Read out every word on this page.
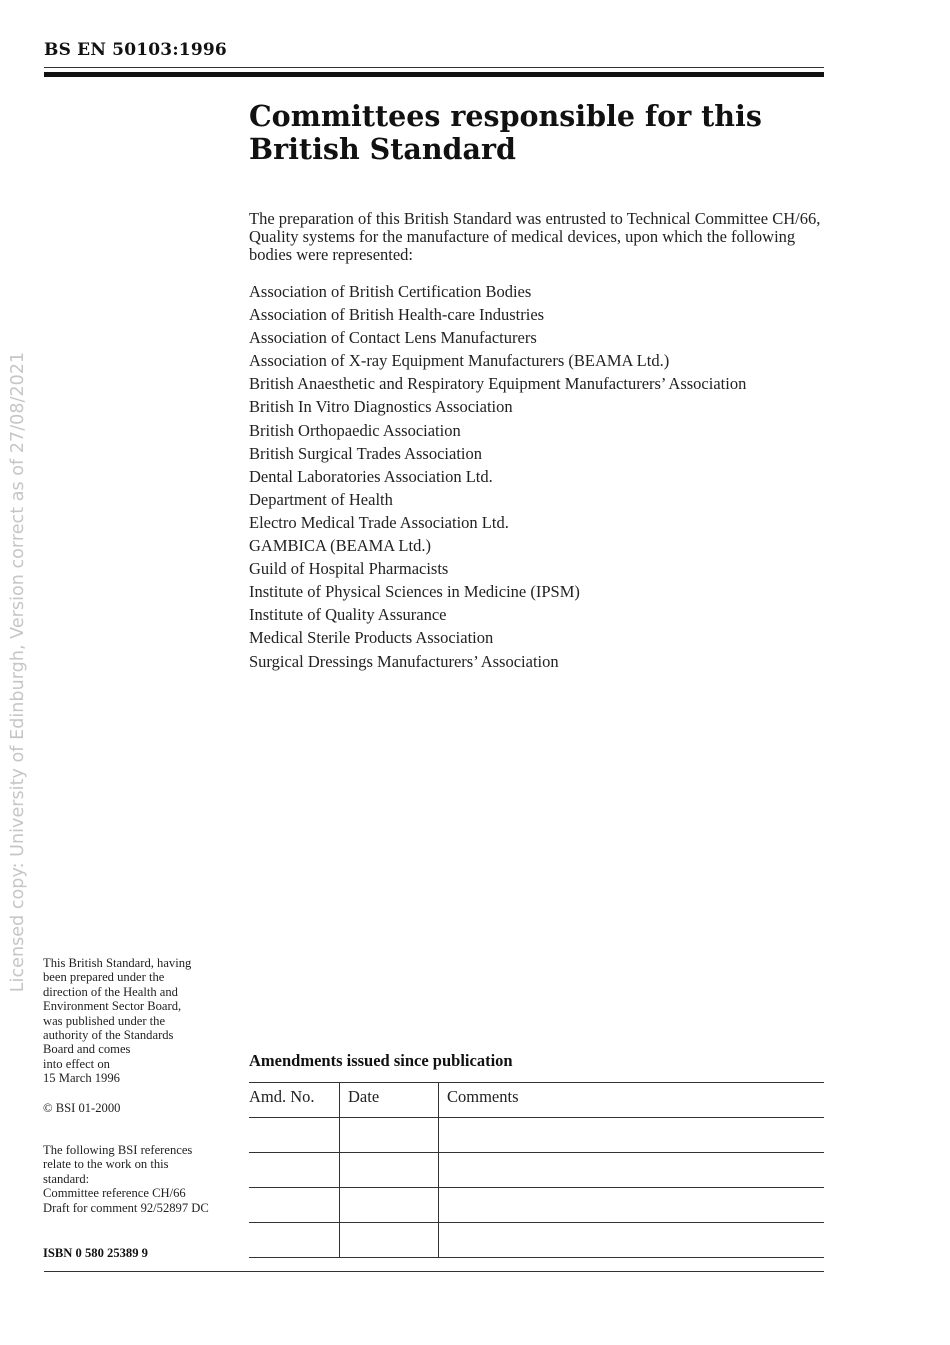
BS EN 50103:1996
Committees responsible for this
British Standard

The preparation of this British Standard was entrusted to Technical Committee CH/66, Quality systems for the manufacture of medical devices, upon which the following bodies were represented:

Association of British Certification Bodies
Association of British Health-care Industries
Association of Contact Lens Manufacturers
Association of X-ray Equipment Manufacturers (BEAMA Ltd.)
British Anaesthetic and Respiratory Equipment Manufacturers’ Association
British In Vitro Diagnostics Association
British Orthopaedic Association
British Surgical Trades Association
Dental Laboratories Association Ltd.
Department of Health
Electro Medical Trade Association Ltd.
GAMBICA (BEAMA Ltd.)
Guild of Hospital Pharmacists
Institute of Physical Sciences in Medicine (IPSM)
Institute of Quality Assurance
Medical Sterile Products Association
Surgical Dressings Manufacturers’ Association
Licensed copy: University of Edinburgh, Version correct as of 27/08/2021 This British Standard, having
been prepared under the
direction of the Health and
Environment Sector Board,
was published under the
authority of the Standards
Board and comes
into effect on
15 March 1996
© BSI 01-2000
The following BSI references
relate to the work on this
standard:
Committee reference CH/66
Draft for comment 92/52897 DC
ISBN 0 580 25389 9
Amendments issued since publication
Amd. No.	Date	Comments
